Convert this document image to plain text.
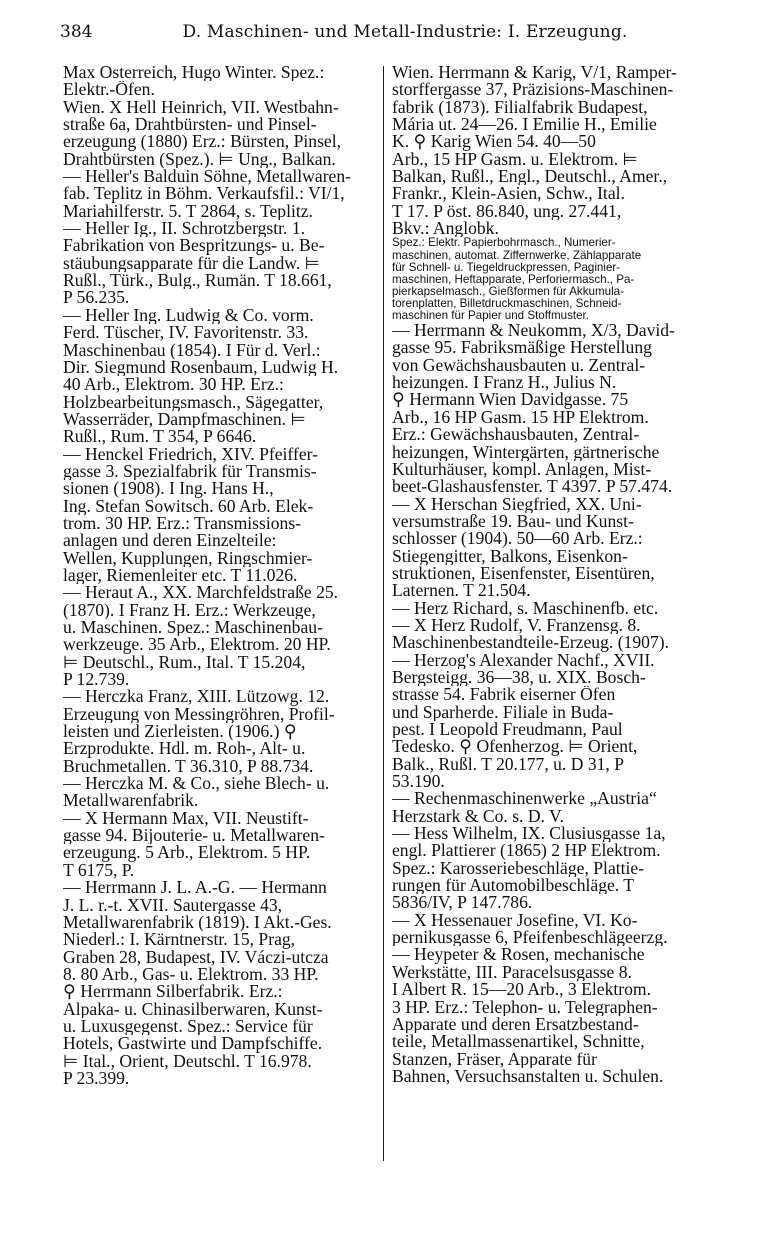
384	D. Maschinen- und Metall-Industrie: I. Erzeugung.
Max Osterreich, Hugo Winter. Spez.:
Elektr.-Öfen.
Wien. X Hell Heinrich, VII. Westbahn-
straße 6a, Drahtbürsten- und Pinsel-
erzeugung (1880) Erz.: Bürsten, Pinsel,
Drahtbürsten (Spez.). ⊨ Ung., Balkan.
— Heller's Balduin Söhne, Metallwaren-
fab. Teplitz in Böhm. Verkaufsfil.: VI/1,
Mariahilferstr. 5. T 2864, s. Teplitz.
— Heller Ig., II. Schrotzbergstr. 1.
Fabrikation von Bespritzungs- u. Be-
stäubungsapparate für die Landw. ⊨
Rußl., Türk., Bulg., Rumän. T 18.661,
P 56.235.
— Heller Ing. Ludwig & Co. vorm.
Ferd. Tüscher, IV. Favoritenstr. 33.
Maschinenbau (1854). I Für d. Verl.:
Dir. Siegmund Rosenbaum, Ludwig H.
40 Arb., Elektrom. 30 HP. Erz.:
Holzbearbeitungsmasch., Sägegatter,
Wasserräder, Dampfmaschinen. ⊨
Rußl., Rum. T 354, P 6646.
— Henckel Friedrich, XIV. Pfeiffer-
gasse 3. Spezialfabrik für Transmis-
sionen (1908). I Ing. Hans H.,
Ing. Stefan Sowitsch. 60 Arb. Elek-
trom. 30 HP. Erz.: Transmissions-
anlagen und deren Einzelteile:
Wellen, Kupplungen, Ringschmier-
lager, Riemenleiter etc. T 11.026.
— Heraut A., XX. Marchfeldstraße 25.
(1870). I Franz H. Erz.: Werkzeuge,
u. Maschinen. Spez.: Maschinenbau-
werkzeuge. 35 Arb., Elektrom. 20 HP.
⊨ Deutschl., Rum., Ital. T 15.204,
P 12.739.
— Herczka Franz, XIII. Lützowg. 12.
Erzeugung von Messingröhren, Profil-
leisten und Zierleisten. (1906.) ⚲
Erzprodukte. Hdl. m. Roh-, Alt- u.
Bruchmetallen. T 36.310, P 88.734.
— Herczka M. & Co., siehe Blech- u.
Metallwarenfabrik.
— X Hermann Max, VII. Neustift-
gasse 94. Bijouterie- u. Metallwaren-
erzeugung. 5 Arb., Elektrom. 5 HP.
T 6175, P.
— Herrmann J. L. A.-G. — Hermann
J. L. r.-t. XVII. Sautergasse 43,
Metallwarenfabrik (1819). I Akt.-Ges.
Niederl.: I. Kärntnerstr. 15, Prag,
Graben 28, Budapest, IV. Váczi-utcza
8. 80 Arb., Gas- u. Elektrom. 33 HP.
⚲ Herrmann Silberfabrik. Erz.:
Alpaka- u. Chinasilberwaren, Kunst-
u. Luxusgegenst. Spez.: Service für
Hotels, Gastwirte und Dampfschiffe.
⊨ Ital., Orient, Deutschl. T 16.978.
P 23.399.
Wien. Herrmann & Karig, V/1, Ramper-
storffergasse 37, Präzisions-Maschinen-
fabrik (1873). Filialfabrik Budapest,
Mária ut. 24—26. I Emilie H., Emilie
K. ⚲ Karig Wien 54. 40—50
Arb., 15 HP Gasm. u. Elektrom. ⊨
Balkan, Rußl., Engl., Deutschl., Amer.,
Frankr., Klein-Asien, Schw., Ital.
T 17. P öst. 86.840, ung. 27.441,
Bkv.: Anglobk.
Spez.: Elektr. Papierbohrmasch., Numerier-
maschinen, automat. Ziffernwerke, Zählapparate
für Schnell- u. Tiegeldruckpressen, Paginier-
maschinen, Heftapparate, Perforiermasch., Pa-
pierkapselmasch., Gießformen für Akkumula-
torenplatten, Billetdruckmaschinen, Schneid-
maschinen für Papier und Stoffmuster.
— Herrmann & Neukomm, X/3, David-
gasse 95. Fabriksmäßige Herstellung
von Gewächshausbauten u. Zentral-
heizungen. I Franz H., Julius N.
⚲ Hermann Wien Davidgasse. 75
Arb., 16 HP Gasm. 15 HP Elektrom.
Erz.: Gewächshausbauten, Zentral-
heizungen, Wintergärten, gärtnerische
Kulturhäuser, kompl. Anlagen, Mist-
beet-Glashausfenster. T 4397. P 57.474.
— X Herschan Siegfried, XX. Uni-
versumstraße 19. Bau- und Kunst-
schlosser (1904). 50—60 Arb. Erz.:
Stiegengitter, Balkons, Eisenkon-
struktionen, Eisenfenster, Eisentüren,
Laternen. T 21.504.
— Herz Richard, s. Maschinenfb. etc.
— X Herz Rudolf, V. Franzensg. 8.
Maschinenbestandteile-Erzeug. (1907).
— Herzog's Alexander Nachf., XVII.
Bergsteigg. 36—38, u. XIX. Bosch-
strasse 54. Fabrik eiserner Öfen
und Sparherde. Filiale in Buda-
pest. I Leopold Freudmann, Paul
Tedesko. ⚲ Ofenherzog. ⊨ Orient,
Balk., Rußl. T 20.177, u. D 31, P
53.190.
— Rechenmaschinenwerke „Austria“
Herzstark & Co. s. D. V.
— Hess Wilhelm, IX. Clusiusgasse 1a,
engl. Plattierer (1865) 2 HP Elektrom.
Spez.: Karosseriebeschläge, Plattie-
rungen für Automobilbeschläge. T
5836/IV, P 147.786.
— X Hessenauer Josefine, VI. Ko-
pernikusgasse 6, Pfeifenbeschlägeerzg.
— Heypeter & Rosen, mechanische
Werkstätte, III. Paracelsusgasse 8.
I Albert R. 15—20 Arb., 3 Elektrom.
3 HP. Erz.: Telephon- u. Telegraphen-
Apparate und deren Ersatzbestand-
teile, Metallmassenartikel, Schnitte,
Stanzen, Fräser, Apparate für
Bahnen, Versuchsanstalten u. Schulen.
